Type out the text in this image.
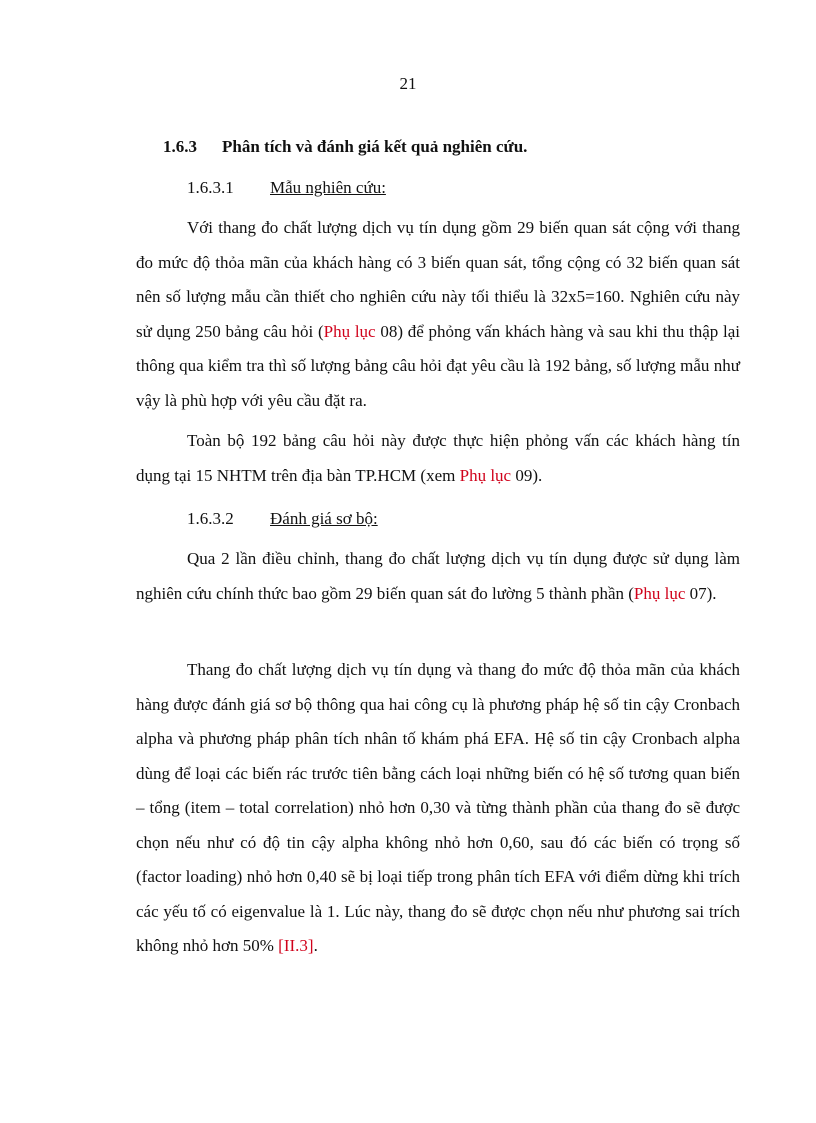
21
1.6.3 Phân tích và đánh giá kết quả nghiên cứu.
1.6.3.1 Mẫu nghiên cứu:

Với thang đo chất lượng dịch vụ tín dụng gồm 29 biến quan sát cộng với thang đo mức độ thỏa mãn của khách hàng có 3 biến quan sát, tổng cộng có 32 biến quan sát nên số lượng mẫu cần thiết cho nghiên cứu này tối thiểu là 32x5=160. Nghiên cứu này sử dụng 250 bảng câu hỏi (Phụ lục 08) để phỏng vấn khách hàng và sau khi thu thập lại thông qua kiểm tra thì số lượng bảng câu hỏi đạt yêu cầu là 192 bảng, số lượng mẫu như vậy là phù hợp với yêu cầu đặt ra.

Toàn bộ 192 bảng câu hỏi này được thực hiện phỏng vấn các khách hàng tín dụng tại 15 NHTM trên địa bàn TP.HCM (xem Phụ lục 09).

1.6.3.2 Đánh giá sơ bộ:

Qua 2 lần điều chỉnh, thang đo chất lượng dịch vụ tín dụng được sử dụng làm nghiên cứu chính thức bao gồm 29 biến quan sát đo lường 5 thành phần (Phụ lục 07).

Thang đo chất lượng dịch vụ tín dụng và thang đo mức độ thỏa mãn của khách hàng được đánh giá sơ bộ thông qua hai công cụ là phương pháp hệ số tin cậy Cronbach alpha và phương pháp phân tích nhân tố khám phá EFA. Hệ số tin cậy Cronbach alpha dùng để loại các biến rác trước tiên bằng cách loại những biến có hệ số tương quan biến – tổng (item – total correlation) nhỏ hơn 0,30 và từng thành phần của thang đo sẽ được chọn nếu như có độ tin cậy alpha không nhỏ hơn 0,60, sau đó các biến có trọng số (factor loading) nhỏ hơn 0,40 sẽ bị loại tiếp trong phân tích EFA với điểm dừng khi trích các yếu tố có eigenvalue là 1. Lúc này, thang đo sẽ được chọn nếu như phương sai trích không nhỏ hơn 50% [II.3].
